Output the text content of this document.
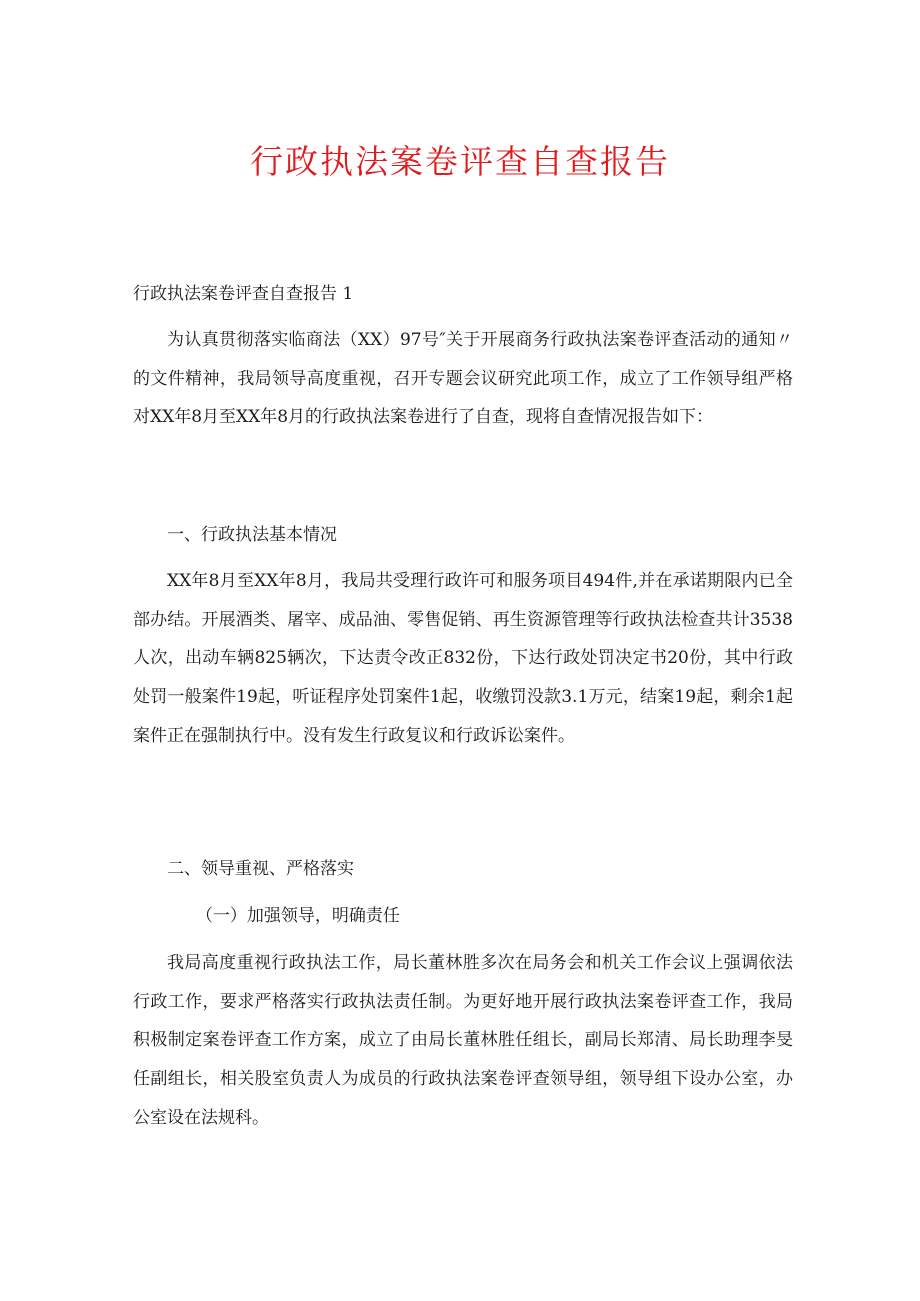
行政执法案卷评查自查报告

行政执法案卷评查自查报告 1

为认真贯彻落实临商法（XX）97号″关于开展商务行政执法案卷评查活动的通知〃的文件精神，我局领导高度重视，召开专题会议研究此项工作，成立了工作领导组严格对XX年8月至XX年8月的行政执法案卷进行了自查，现将自查情况报告如下：

一、行政执法基本情况

XX年8月至XX年8月，我局共受理行政许可和服务项目494件,并在承诺期限内已全部办结。开展酒类、屠宰、成品油、零售促销、再生资源管理等行政执法检查共计3538人次，出动车辆825辆次，下达责令改正832份，下达行政处罚决定书20份，其中行政处罚一般案件19起，听证程序处罚案件1起，收缴罚没款3.1万元，结案19起，剩余1起案件正在强制执行中。没有发生行政复议和行政诉讼案件。

二、领导重视、严格落实

（一）加强领导，明确责任

我局高度重视行政执法工作，局长董林胜多次在局务会和机关工作会议上强调依法行政工作，要求严格落实行政执法责任制。为更好地开展行政执法案卷评查工作，我局积极制定案卷评查工作方案，成立了由局长董林胜任组长，副局长郑清、局长助理李旻任副组长，相关股室负责人为成员的行政执法案卷评查领导组，领导组下设办公室，办公室设在法规科。
